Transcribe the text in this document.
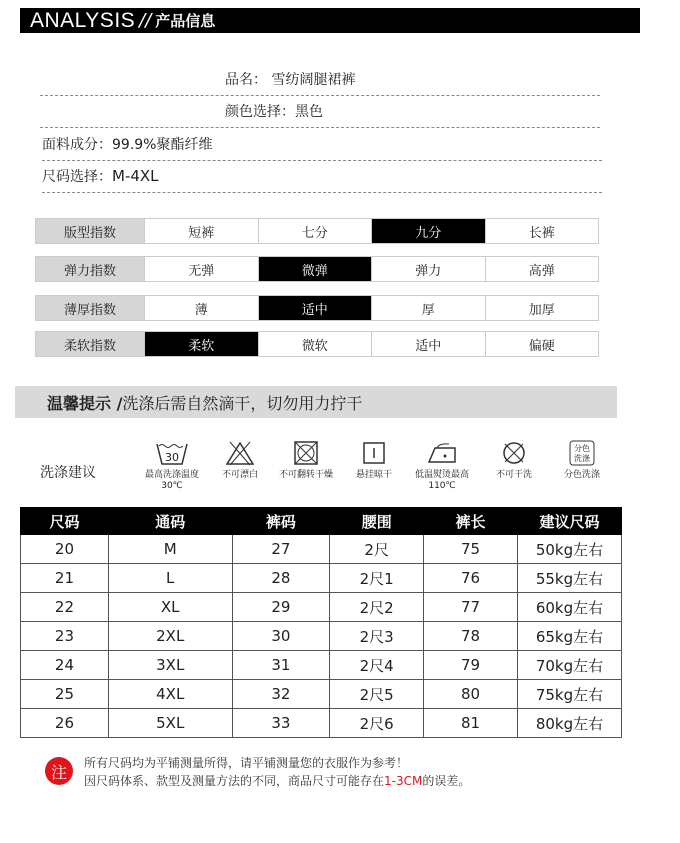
ANALYSIS // 产品信息
品名：
雪纺阔腿裙裤
颜色选择： 黑色
面料成分： 99.9%聚酯纤维
尺码选择： M-4XL
版型指数	短裤	七分	九分	长裤
弹力指数	无弹	微弹	弹力	高弹
薄厚指数	薄	适中	厚	加厚
柔软指数	柔软	微软	适中	偏硬
温馨提示 / 洗涤后需自然滴干，切勿用力拧干
洗涤建议
30
最高洗涤温度30℃
不可漂白	不可翻转干燥	悬挂晾干	低温熨烫最高110℃
不可干洗
分色
洗涤
分色洗涤
尺码	通码	裤码	腰围	裤长	建议尺码
20	M	27	2尺	75	50kg左右
21	L	28	2尺1	76	55kg左右
22	XL	29	2尺2	77	60kg左右
23	2XL	30	2尺3	78	65kg左右
24	3XL	31	2尺4	79	70kg左右
25	4XL	32	2尺5	80	75kg左右
26	5XL	33	2尺6	81	80kg左右
注	所有尺码均为平铺测量所得，请平铺测量您的衣服作为参考！
因尺码体系、款型及测量方法的不同，商品尺寸可能存在1-3CM的误差。
